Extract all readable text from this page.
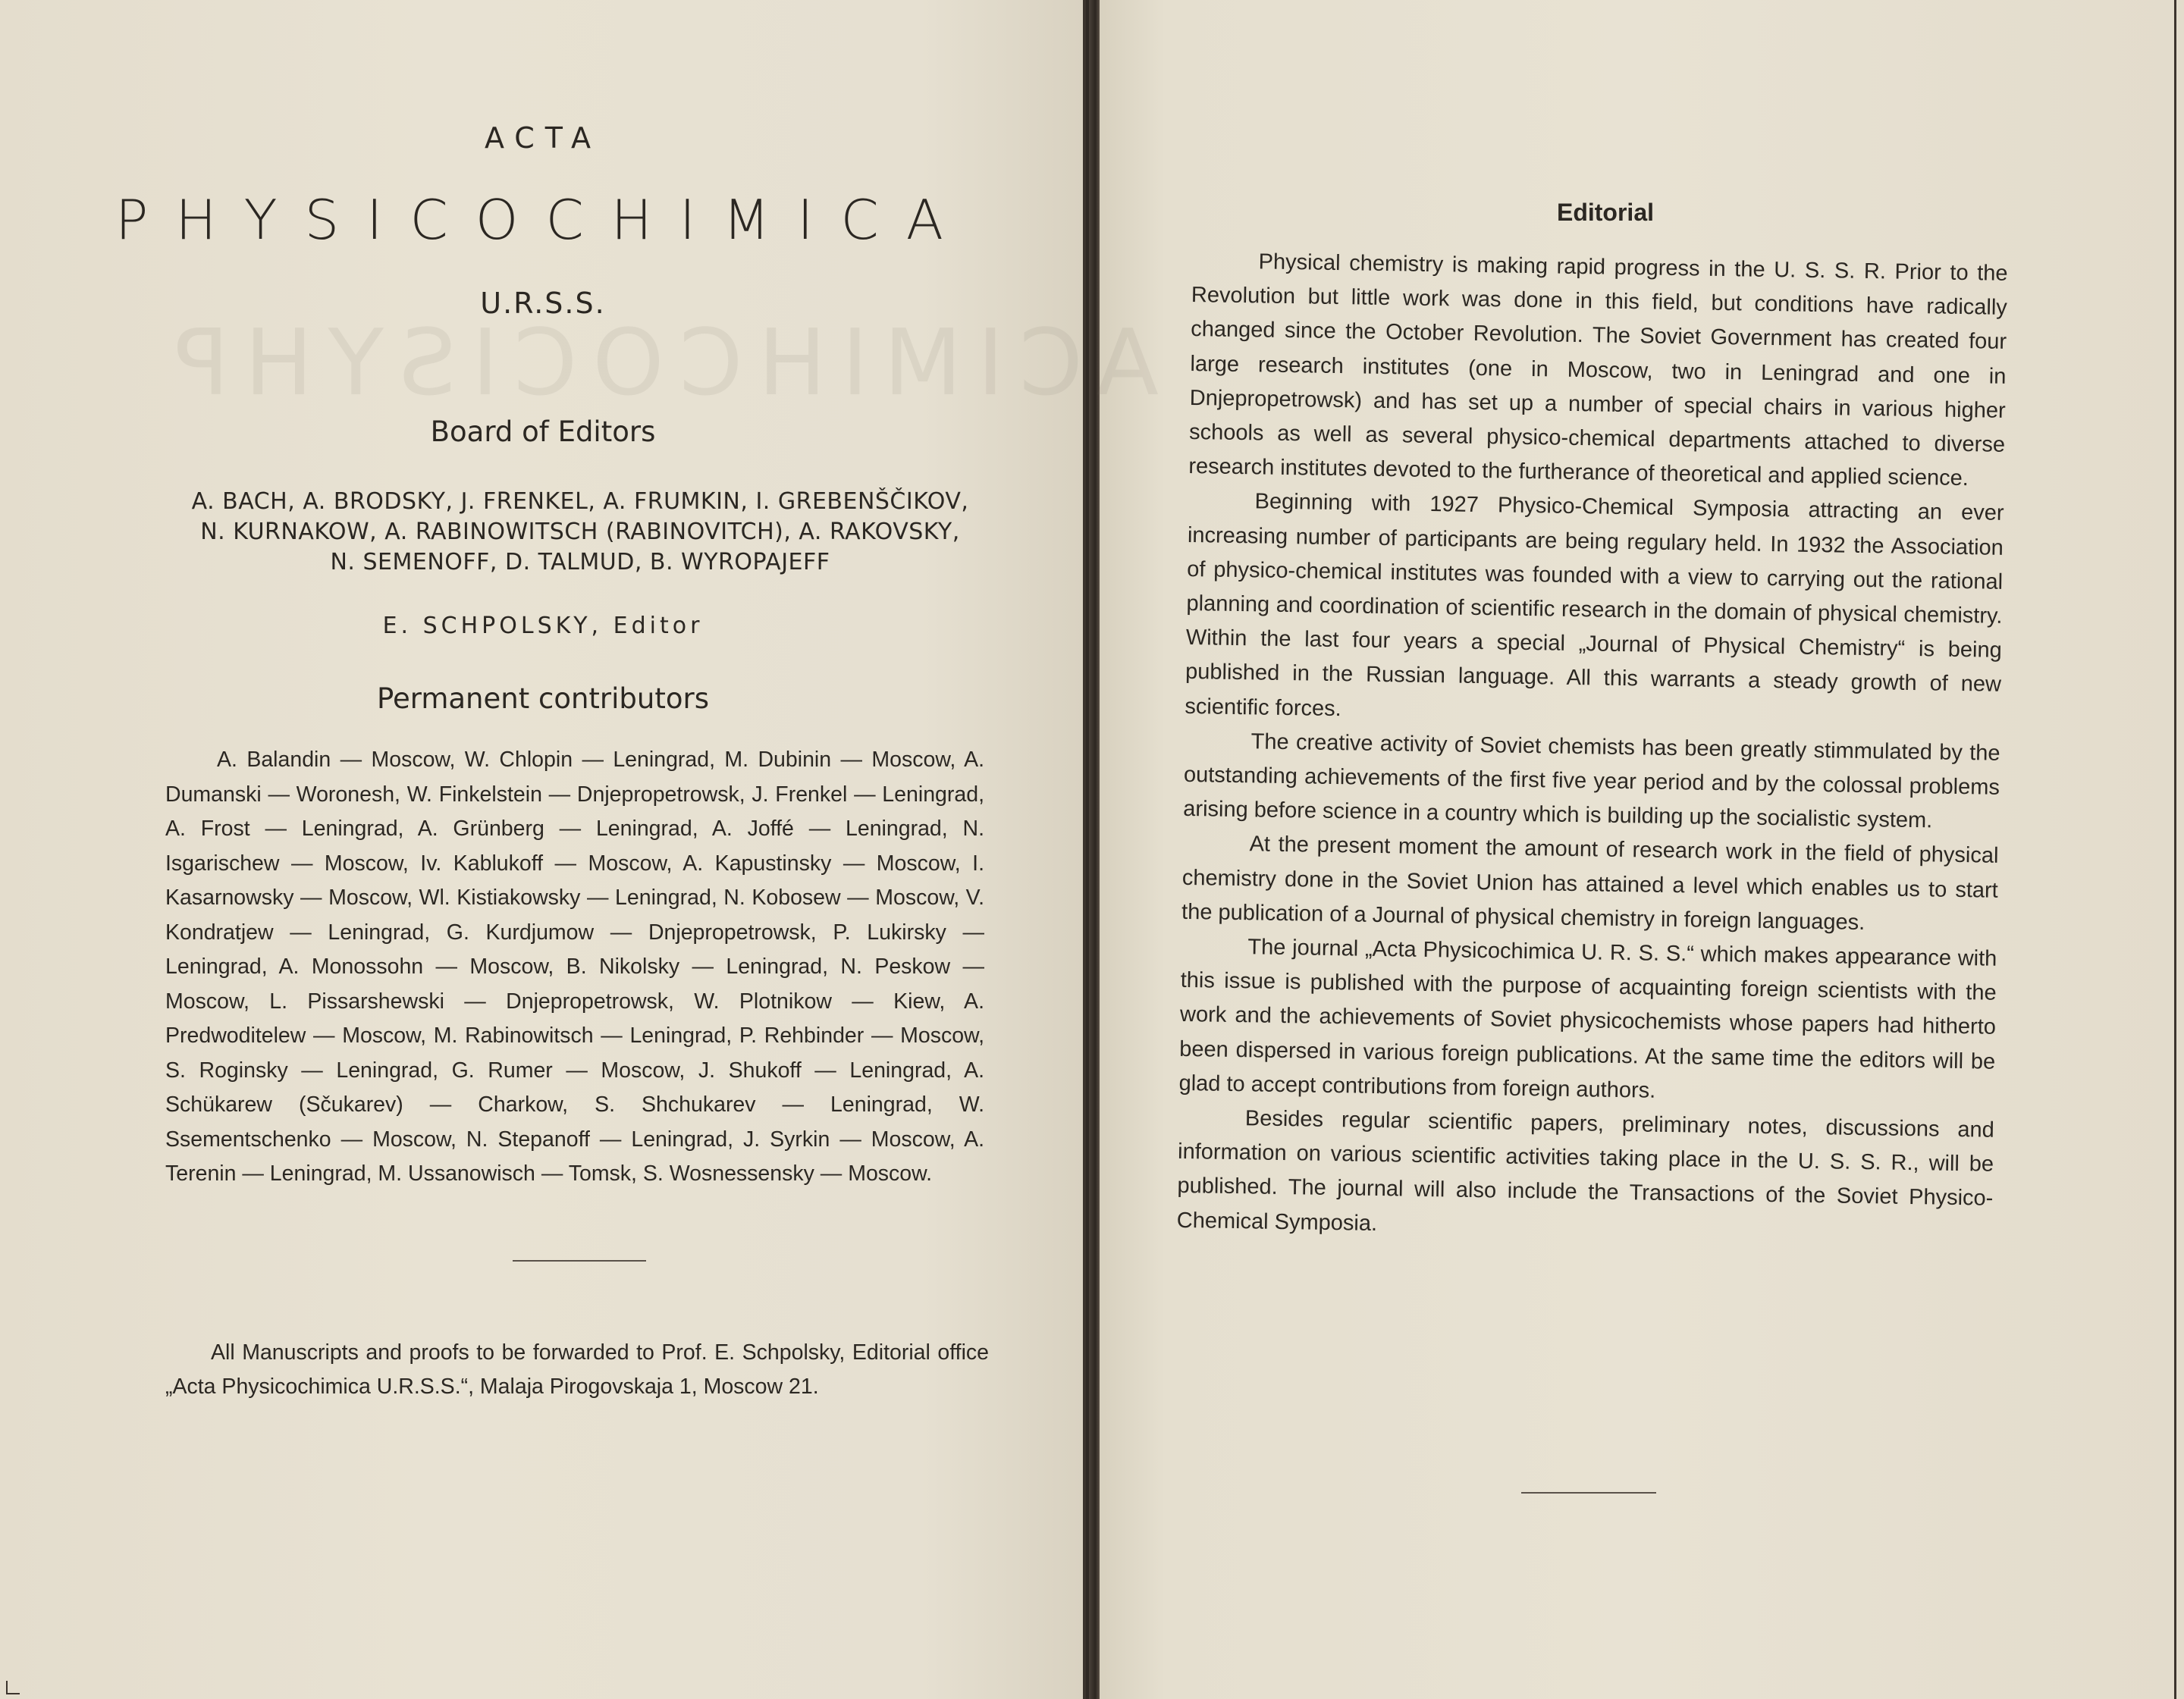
ACTA
PHYSICOCHIMICA
U.R.S.S.
Board of Editors
A. BACH, A. BRODSKY, J. FRENKEL, A. FRUMKIN, I. GREBENŠČIKOV,
N. KURNAKOW, A. RABINOWITSCH (RABINOVITCH), A. RAKOVSKY,
N. SEMENOFF, D. TALMUD, B. WYROPAJEFF
E. SCHPOLSKY, Editor
Permanent contributors

A. Balandin — Moscow, W. Chlopin — Leningrad, M. Dubinin — Moscow, A. Dumanski — Woronesh, W. Finkelstein — Dnjepropetrowsk, J. Frenkel — Leningrad, A. Frost — Leningrad, A. Grünberg — Leningrad, A. Joffé — Leningrad, N. Isgarischew — Moscow, Iv. Kablukoff — Moscow, A. Kapustinsky — Moscow, I. Kasarnowsky — Moscow, Wl. Kistiakowsky — Leningrad, N. Kobosew — Moscow, V. Kondratjew — Leningrad, G. Kurdjumow — Dnjepropetrowsk, P. Lukirsky — Leningrad, A. Monossohn — Moscow, B. Nikolsky — Leningrad, N. Peskow — Moscow, L. Pissarshewski — Dnjepropetrowsk, W. Plotnikow — Kiew, A. Predwoditelew — Moscow, M. Rabinowitsch — Leningrad, P. Rehbinder — Moscow, S. Roginsky — Leningrad, G. Rumer — Moscow, J. Shukoff — Leningrad, A. Schükarew (Sčukarev) — Charkow, S. Shchukarev — Leningrad, W. Ssementschenko — Moscow, N. Stepanoff — Leningrad, J. Syrkin — Moscow, A. Terenin — Leningrad, M. Ussanowisch — Tomsk, S. Wosnessensky — Moscow.

All Manuscripts and proofs to be forwarded to Prof. E. Schpolsky, Editorial office „Acta Physicochimica U.R.S.S.“, Malaja Pirogovskaja 1, Moscow 21.

Editorial

Physical chemistry is making rapid progress in the U. S. S. R. Prior to the Revolution but little work was done in this field, but conditions have radically changed since the October Revolution. The Soviet Government has created four large research institutes (one in Moscow, two in Leningrad and one in Dnjepropetrowsk) and has set up a number of special chairs in various higher schools as well as several physico-chemical departments attached to diverse research institutes devoted to the furtherance of theoretical and applied science.

Beginning with 1927 Physico-Chemical Symposia attracting an ever increasing number of participants are being regulary held. In 1932 the Association of physico-chemical institutes was founded with a view to carrying out the rational planning and coordination of scientific research in the domain of physical chemistry. Within the last four years a special „Journal of Physical Chemistry“ is being published in the Russian language. All this warrants a steady growth of new scientific forces.

The creative activity of Soviet chemists has been greatly stimmulated by the outstanding achievements of the first five year period and by the colossal problems arising before science in a country which is building up the socialistic system.

At the present moment the amount of research work in the field of physical chemistry done in the Soviet Union has attained a level which enables us to start the publication of a Journal of physical chemistry in foreign languages.

The journal „Acta Physicochimica U. R. S. S.“ which makes appearance with this issue is published with the purpose of acquainting foreign scientists with the work and the achievements of Soviet physicochemists whose papers had hitherto been dispersed in various foreign publications. At the same time the editors will be glad to accept contributions from foreign authors.

Besides regular scientific papers, preliminary notes, discussions and information on various scientific activities taking place in the U. S. S. R., will be published. The journal will also include the Transactions of the Soviet Physico-Chemical Symposia.
